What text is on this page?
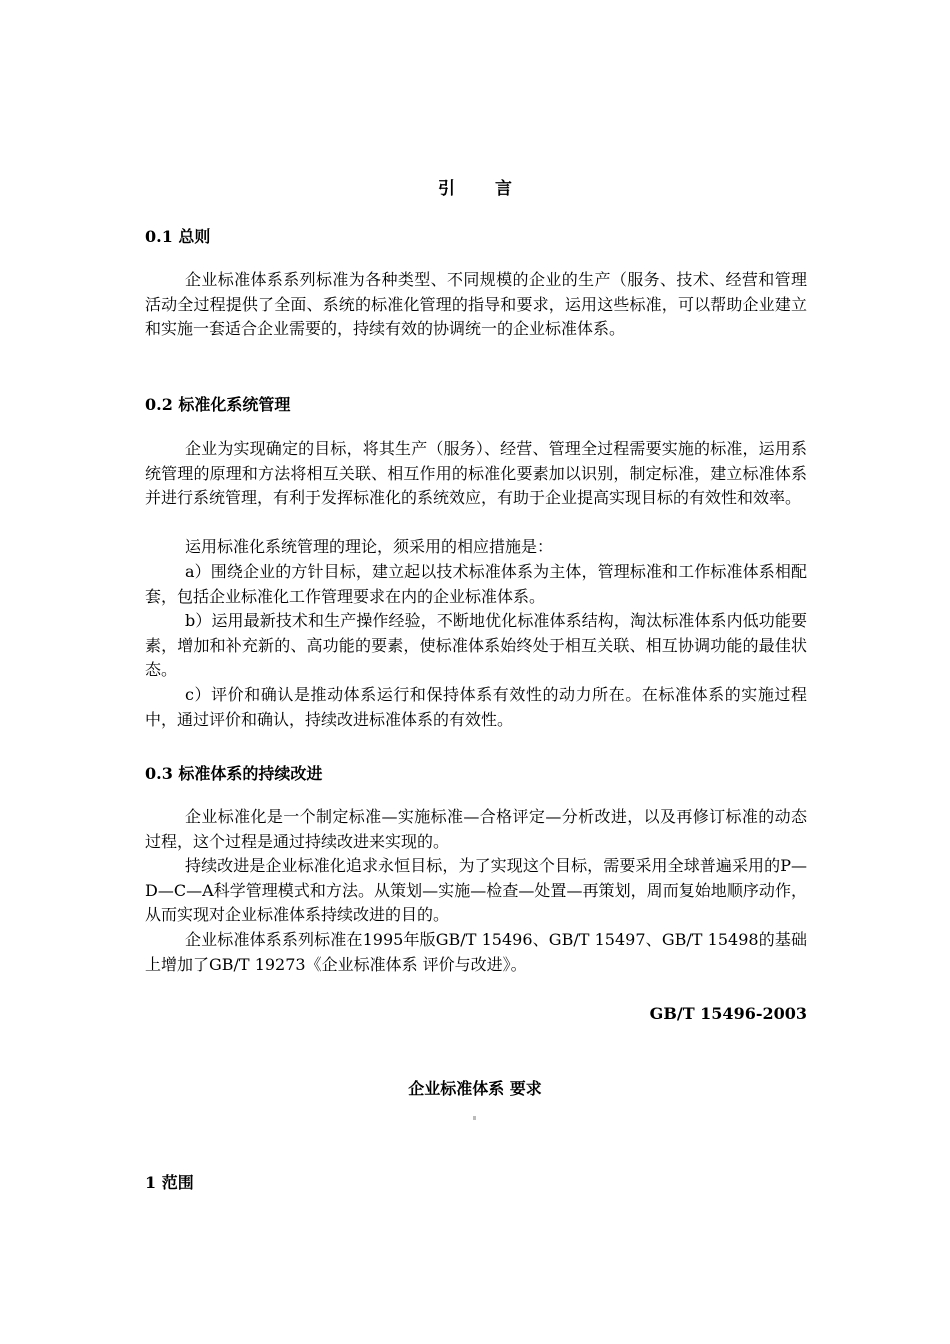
引言
0.1 总则

企业标准体系系列标准为各种类型、不同规模的企业的生产（服务、技术、经营和管理活动全过程提供了全面、系统的标准化管理的指导和要求，运用这些标准，可以帮助企业建立和实施一套适合企业需要的，持续有效的协调统一的企业标准体系。

0.2 标准化系统管理

企业为实现确定的目标，将其生产（服务）、经营、管理全过程需要实施的标准，运用系统管理的原理和方法将相互关联、相互作用的标准化要素加以识别，制定标准，建立标准体系并进行系统管理，有利于发挥标准化的系统效应，有助于企业提高实现目标的有效性和效率。

运用标准化系统管理的理论，须采用的相应措施是：

a）围绕企业的方针目标，建立起以技术标准体系为主体，管理标准和工作标准体系相配套，包括企业标准化工作管理要求在内的企业标准体系。

b）运用最新技术和生产操作经验，不断地优化标准体系结构，淘汰标准体系内低功能要素，增加和补充新的、高功能的要素，使标准体系始终处于相互关联、相互协调功能的最佳状态。

c）评价和确认是推动体系运行和保持体系有效性的动力所在。在标准体系的实施过程中，通过评价和确认，持续改进标准体系的有效性。

0.3 标准体系的持续改进

企业标准化是一个制定标准—实施标准—合格评定—分析改进，以及再修订标准的动态过程，这个过程是通过持续改进来实现的。

持续改进是企业标准化追求永恒目标，为了实现这个目标，需要采用全球普遍采用的P—D—C—A科学管理模式和方法。从策划—实施—检查—处置—再策划，周而复始地顺序动作，从而实现对企业标准体系持续改进的目的。

企业标准体系系列标准在1995年版GB/T 15496、GB/T 15497、GB/T 15498的基础上增加了GB/T 19273《企业标准体系 评价与改进》。

GB/T 15496-2003
企业标准体系 要求
1 范围
